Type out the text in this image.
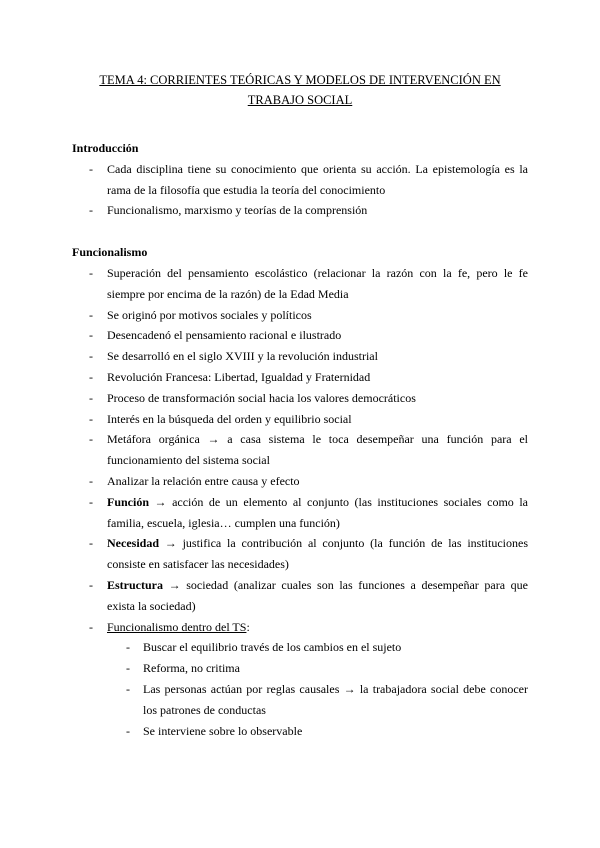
TEMA 4: CORRIENTES TEÓRICAS Y MODELOS DE INTERVENCIÓN EN TRABAJO SOCIAL
Introducción
- Cada disciplina tiene su conocimiento que orienta su acción. La epistemología es la rama de la filosofía que estudia la teoría del conocimiento
- Funcionalismo, marxismo y teorías de la comprensión
Funcionalismo
- Superación del pensamiento escolástico (relacionar la razón con la fe, pero le fe siempre por encima de la razón) de la Edad Media
- Se originó por motivos sociales y políticos
- Desencadenó el pensamiento racional e ilustrado
- Se desarrolló en el siglo XVIII y la revolución industrial
- Revolución Francesa: Libertad, Igualdad y Fraternidad
- Proceso de transformación social hacia los valores democráticos
- Interés en la búsqueda del orden y equilibrio social
- Metáfora orgánica → a casa sistema le toca desempeñar una función para el funcionamiento del sistema social
- Analizar la relación entre causa y efecto
- Función → acción de un elemento al conjunto (las instituciones sociales como la familia, escuela, iglesia… cumplen una función)
- Necesidad → justifica la contribución al conjunto (la función de las instituciones consiste en satisfacer las necesidades)
- Estructura → sociedad (analizar cuales son las funciones a desempeñar para que exista la sociedad)
- Funcionalismo dentro del TS:
- Buscar el equilibrio través de los cambios en el sujeto
- Reforma, no critima
- Las personas actúan por reglas causales → la trabajadora social debe conocer los patrones de conductas
- Se interviene sobre lo observable
